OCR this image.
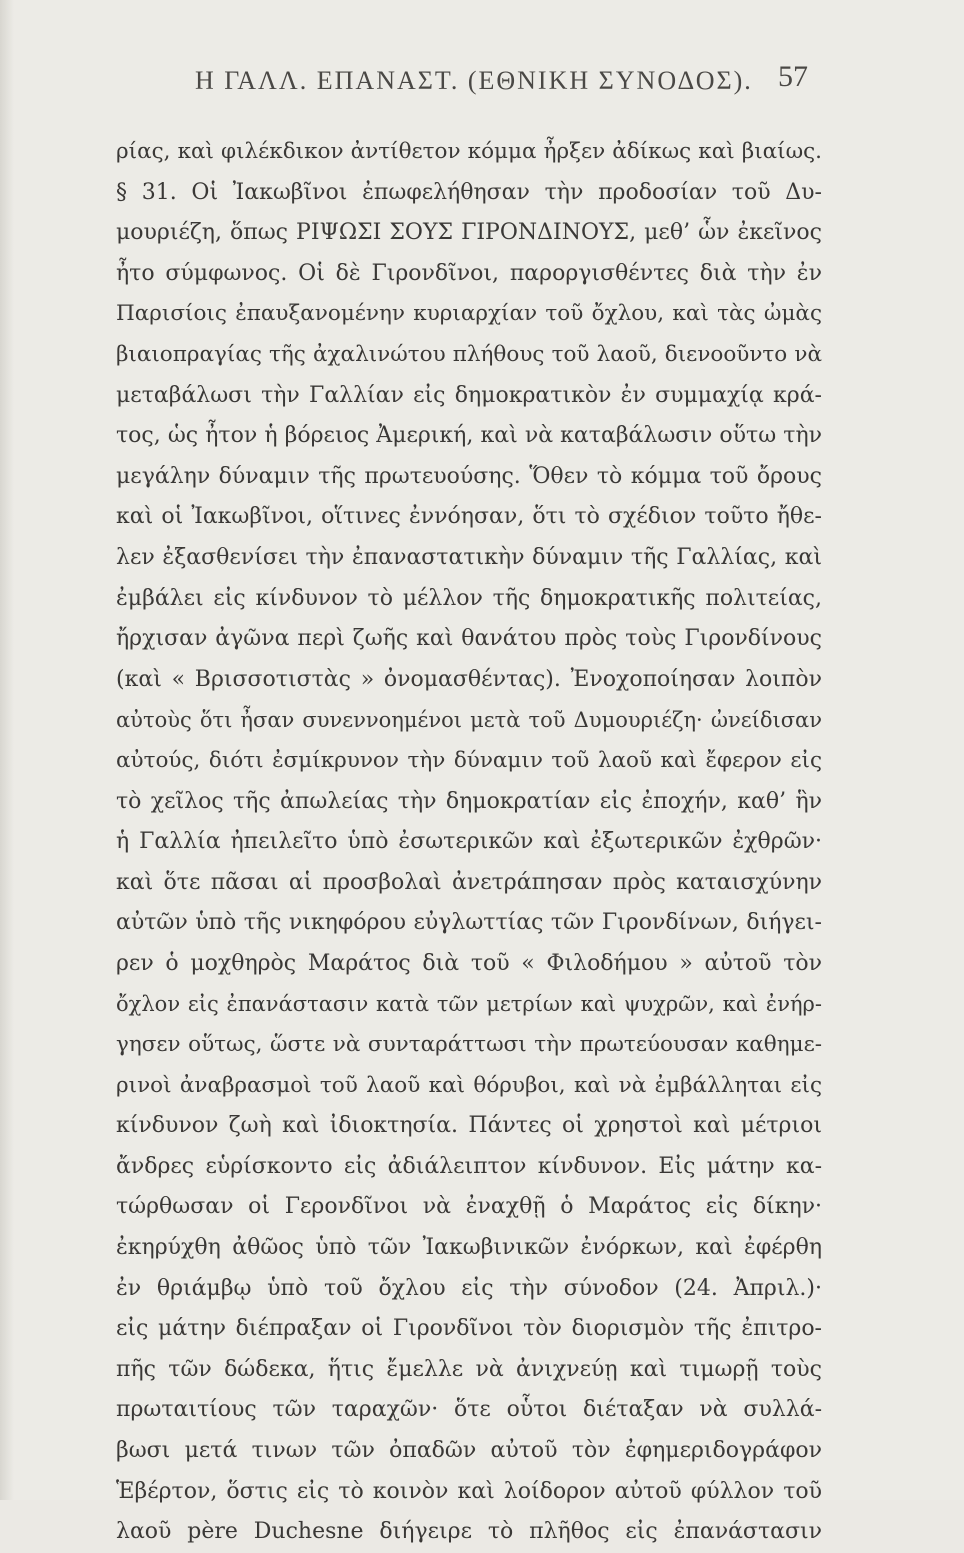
Η ΓΑΛΛ. ΕΠΑΝΑΣΤ. (ΕΘΝΙΚΗ ΣΥΝΟΔΟΣ). 57
ρίας, καὶ φιλέκδικον ἀντίθετον κόμμα ἦρξεν ἀδίκως καὶ βιαίως.
§ 31. Οἱ Ἰακωβῖνοι ἐπωφελήθησαν τὴν προδοσίαν τοῦ Δυ-
μουριέζη, ὅπως ΡΙΨΩΣΙ ΣΟΥΣ ΓΙΡΟΝΔΙΝΟΥΣ, μεθ’ ὧν ἐκεῖνος
ἦτο σύμφωνος. Οἱ δὲ Γιρονδῖνοι, παροργισθέντες διὰ τὴν ἐν
Παρισίοις ἐπαυξανομένην κυριαρχίαν τοῦ ὄχλου, καὶ τὰς ὠμὰς
βιαιοπραγίας τῆς ἀχαλινώτου πλήθους τοῦ λαοῦ, διενοοῦντο νὰ
μεταβάλωσι τὴν Γαλλίαν εἰς δημοκρατικὸν ἐν συμμαχίᾳ κρά-
τος, ὡς ἦτον ἡ βόρειος Ἀμερική, καὶ νὰ καταβάλωσιν οὕτω τὴν
μεγάλην δύναμιν τῆς πρωτευούσης. Ὅθεν τὸ κόμμα τοῦ ὄρους
καὶ οἱ Ἰακωβῖνοι, οἵτινες ἐννόησαν, ὅτι τὸ σχέδιον τοῦτο ἤθε-
λεν ἐξασθενίσει τὴν ἐπαναστατικὴν δύναμιν τῆς Γαλλίας, καὶ
ἐμβάλει εἰς κίνδυνον τὸ μέλλον τῆς δημοκρατικῆς πολιτείας,
ἤρχισαν ἀγῶνα περὶ ζωῆς καὶ θανάτου πρὸς τοὺς Γιρονδίνους
(καὶ « Βρισσοτιστὰς » ὀνομασθέντας). Ἐνοχοποίησαν λοιπὸν
αὐτοὺς ὅτι ἦσαν συνεννοημένοι μετὰ τοῦ Δυμουριέζη· ὠνείδισαν
αὐτούς, διότι ἐσμίκρυνον τὴν δύναμιν τοῦ λαοῦ καὶ ἔφερον εἰς
τὸ χεῖλος τῆς ἀπωλείας τὴν δημοκρατίαν εἰς ἐποχήν, καθ’ ἣν
ἡ Γαλλία ἠπειλεῖτο ὑπὸ ἐσωτερικῶν καὶ ἐξωτερικῶν ἐχθρῶν·
καὶ ὅτε πᾶσαι αἱ προσβολαὶ ἀνετράπησαν πρὸς καταισχύνην
αὐτῶν ὑπὸ τῆς νικηφόρου εὐγλωττίας τῶν Γιρονδίνων, διήγει-
ρεν ὁ μοχθηρὸς Μαράτος διὰ τοῦ « Φιλοδήμου » αὐτοῦ τὸν
ὄχλον εἰς ἐπανάστασιν κατὰ τῶν μετρίων καὶ ψυχρῶν, καὶ ἐνήρ-
γησεν οὕτως, ὥστε νὰ συνταράττωσι τὴν πρωτεύουσαν καθημε-
ρινοὶ ἀναβρασμοὶ τοῦ λαοῦ καὶ θόρυβοι, καὶ νὰ ἐμβάλληται εἰς
κίνδυνον ζωὴ καὶ ἰδιοκτησία. Πάντες οἱ χρηστοὶ καὶ μέτριοι
ἄνδρες εὑρίσκοντο εἰς ἀδιάλειπτον κίνδυνον. Εἰς μάτην κα-
τώρθωσαν οἱ Γερονδῖνοι νὰ ἐναχθῇ ὁ Μαράτος εἰς δίκην·
ἐκηρύχθη ἀθῶος ὑπὸ τῶν Ἰακωβινικῶν ἐνόρκων, καὶ ἐφέρθη
ἐν θριάμβῳ ὑπὸ τοῦ ὄχλου εἰς τὴν σύνοδον (24. Ἀπριλ.)·
εἰς μάτην διέπραξαν οἱ Γιρονδῖνοι τὸν διορισμὸν τῆς ἐπιτρο-
πῆς τῶν δώδεκα, ἥτις ἔμελλε νὰ ἀνιχνεύῃ καὶ τιμωρῇ τοὺς
πρωταιτίους τῶν ταραχῶν· ὅτε οὗτοι διέταξαν νὰ συλλά-
βωσι μετά τινων τῶν ὀπαδῶν αὐτοῦ τὸν ἐφημεριδογράφον
Ἑβέρτον, ὅστις εἰς τὸ κοινὸν καὶ λοίδορον αὐτοῦ φύλλον τοῦ
λαοῦ père Duchesne διήγειρε τὸ πλῆθος εἰς ἐπανάστασιν
